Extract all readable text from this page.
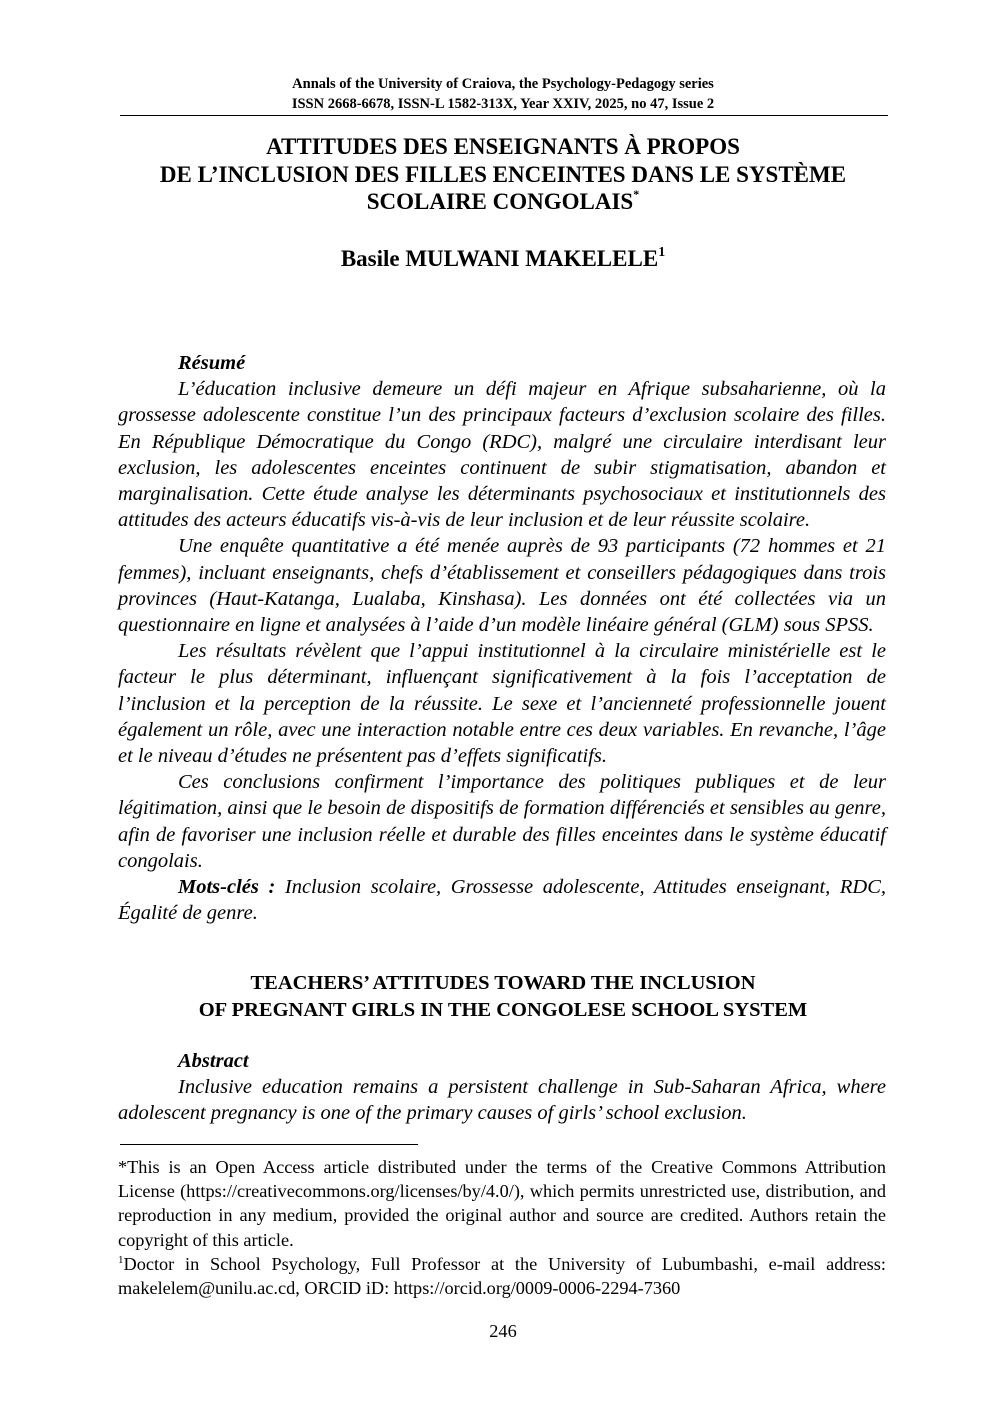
Annals of the University of Craiova, the Psychology-Pedagogy series
ISSN 2668-6678, ISSN-L 1582-313X, Year XXIV, 2025, no 47, Issue 2
ATTITUDES DES ENSEIGNANTS À PROPOS
DE L’INCLUSION DES FILLES ENCEINTES DANS LE SYSTÈME
SCOLAIRE CONGOLAIS*
Basile MULWANI MAKELELE$^1$

Résumé

L’éducation inclusive demeure un défi majeur en Afrique subsaharienne, où la grossesse adolescente constitue l’un des principaux facteurs d’exclusion scolaire des filles. En République Démocratique du Congo (RDC), malgré une circulaire interdisant leur exclusion, les adolescentes enceintes continuent de subir stigmatisation, abandon et marginalisation. Cette étude analyse les déterminants psychosociaux et institutionnels des attitudes des acteurs éducatifs vis-à-vis de leur inclusion et de leur réussite scolaire.

Une enquête quantitative a été menée auprès de 93 participants (72 hommes et 21 femmes), incluant enseignants, chefs d’établissement et conseillers pédagogiques dans trois provinces (Haut-Katanga, Lualaba, Kinshasa). Les données ont été collectées via un questionnaire en ligne et analysées à l’aide d’un modèle linéaire général (GLM) sous SPSS.

Les résultats révèlent que l’appui institutionnel à la circulaire ministérielle est le facteur le plus déterminant, influençant significativement à la fois l’acceptation de l’inclusion et la perception de la réussite. Le sexe et l’ancienneté professionnelle jouent également un rôle, avec une interaction notable entre ces deux variables. En revanche, l’âge et le niveau d’études ne présentent pas d’effets significatifs.

Ces conclusions confirment l’importance des politiques publiques et de leur légitimation, ainsi que le besoin de dispositifs de formation différenciés et sensibles au genre, afin de favoriser une inclusion réelle et durable des filles enceintes dans le système éducatif congolais.

Mots-clés : Inclusion scolaire, Grossesse adolescente, Attitudes enseignant, RDC, Égalité de genre.

TEACHERS’ ATTITUDES TOWARD THE INCLUSION
OF PREGNANT GIRLS IN THE CONGOLESE SCHOOL SYSTEM

Abstract

Inclusive education remains a persistent challenge in Sub-Saharan Africa, where adolescent pregnancy is one of the primary causes of girls’ school exclusion.

*This is an Open Access article distributed under the terms of the Creative Commons Attribution License (https://creativecommons.org/licenses/by/4.0/), which permits unrestricted use, distribution, and reproduction in any medium, provided the original author and source are credited. Authors retain the copyright of this article.

$^1$Doctor in School Psychology, Full Professor at the University of Lubumbashi, e-mail address: makelelem@unilu.ac.cd, ORCID iD: https://orcid.org/0009-0006-2294-7360

246
